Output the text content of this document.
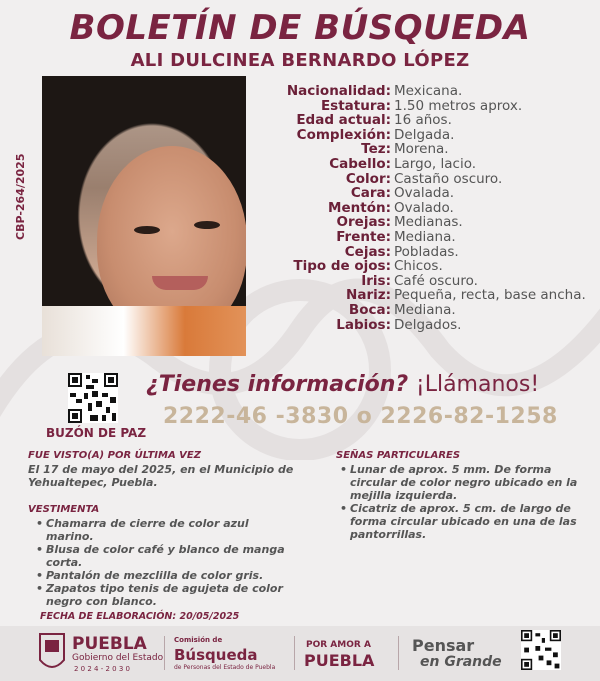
BOLETÍN DE BÚSQUEDA
ALI DULCINEA BERNARDO LÓPEZ
CBP-264/2025
Nacionalidad: Mexicana.
Estatura: 1.50 metros aprox.
Edad actual: 16 años.
Complexión: Delgada.
Tez: Morena.
Cabello: Largo, lacio.
Color: Castaño oscuro.
Cara: Ovalada.
Mentón: Ovalado.
Orejas: Medianas.
Frente: Mediana.
Cejas: Pobladas.
Tipo de ojos: Chicos.
Iris: Café oscuro.
Nariz: Pequeña, recta, base ancha.
Boca: Mediana.
Labios: Delgados.
BUZÓN DE PAZ
¿Tienes información? ¡Llámanos!
2222-46 -3830 o 2226-82-1258
FUE VISTO(A) POR ÚLTIMA VEZ
El 17 de mayo del 2025, en el Municipio de Yehualtepec, Puebla.
VESTIMENTA
• Chamarra de cierre de color azul marino.
• Blusa de color café y blanco de manga corta.
• Pantalón de mezclilla de color gris.
• Zapatos tipo tenis de agujeta de color negro con blanco.
SEÑAS PARTICULARES
• Lunar de aprox. 5 mm. De forma circular de color negro ubicado en la mejilla izquierda.
• Cicatriz de aprox. 5 cm. de largo de forma circular ubicado en una de las pantorrillas.
FECHA DE ELABORACIÓN: 20/05/2025
PUEBLA
Gobierno del Estado
2 0 2 4 - 2 0 3 0
Comisión de
Búsqueda
de Personas del Estado de Puebla
POR AMOR A
PUEBLA
Pensar
en Grande
